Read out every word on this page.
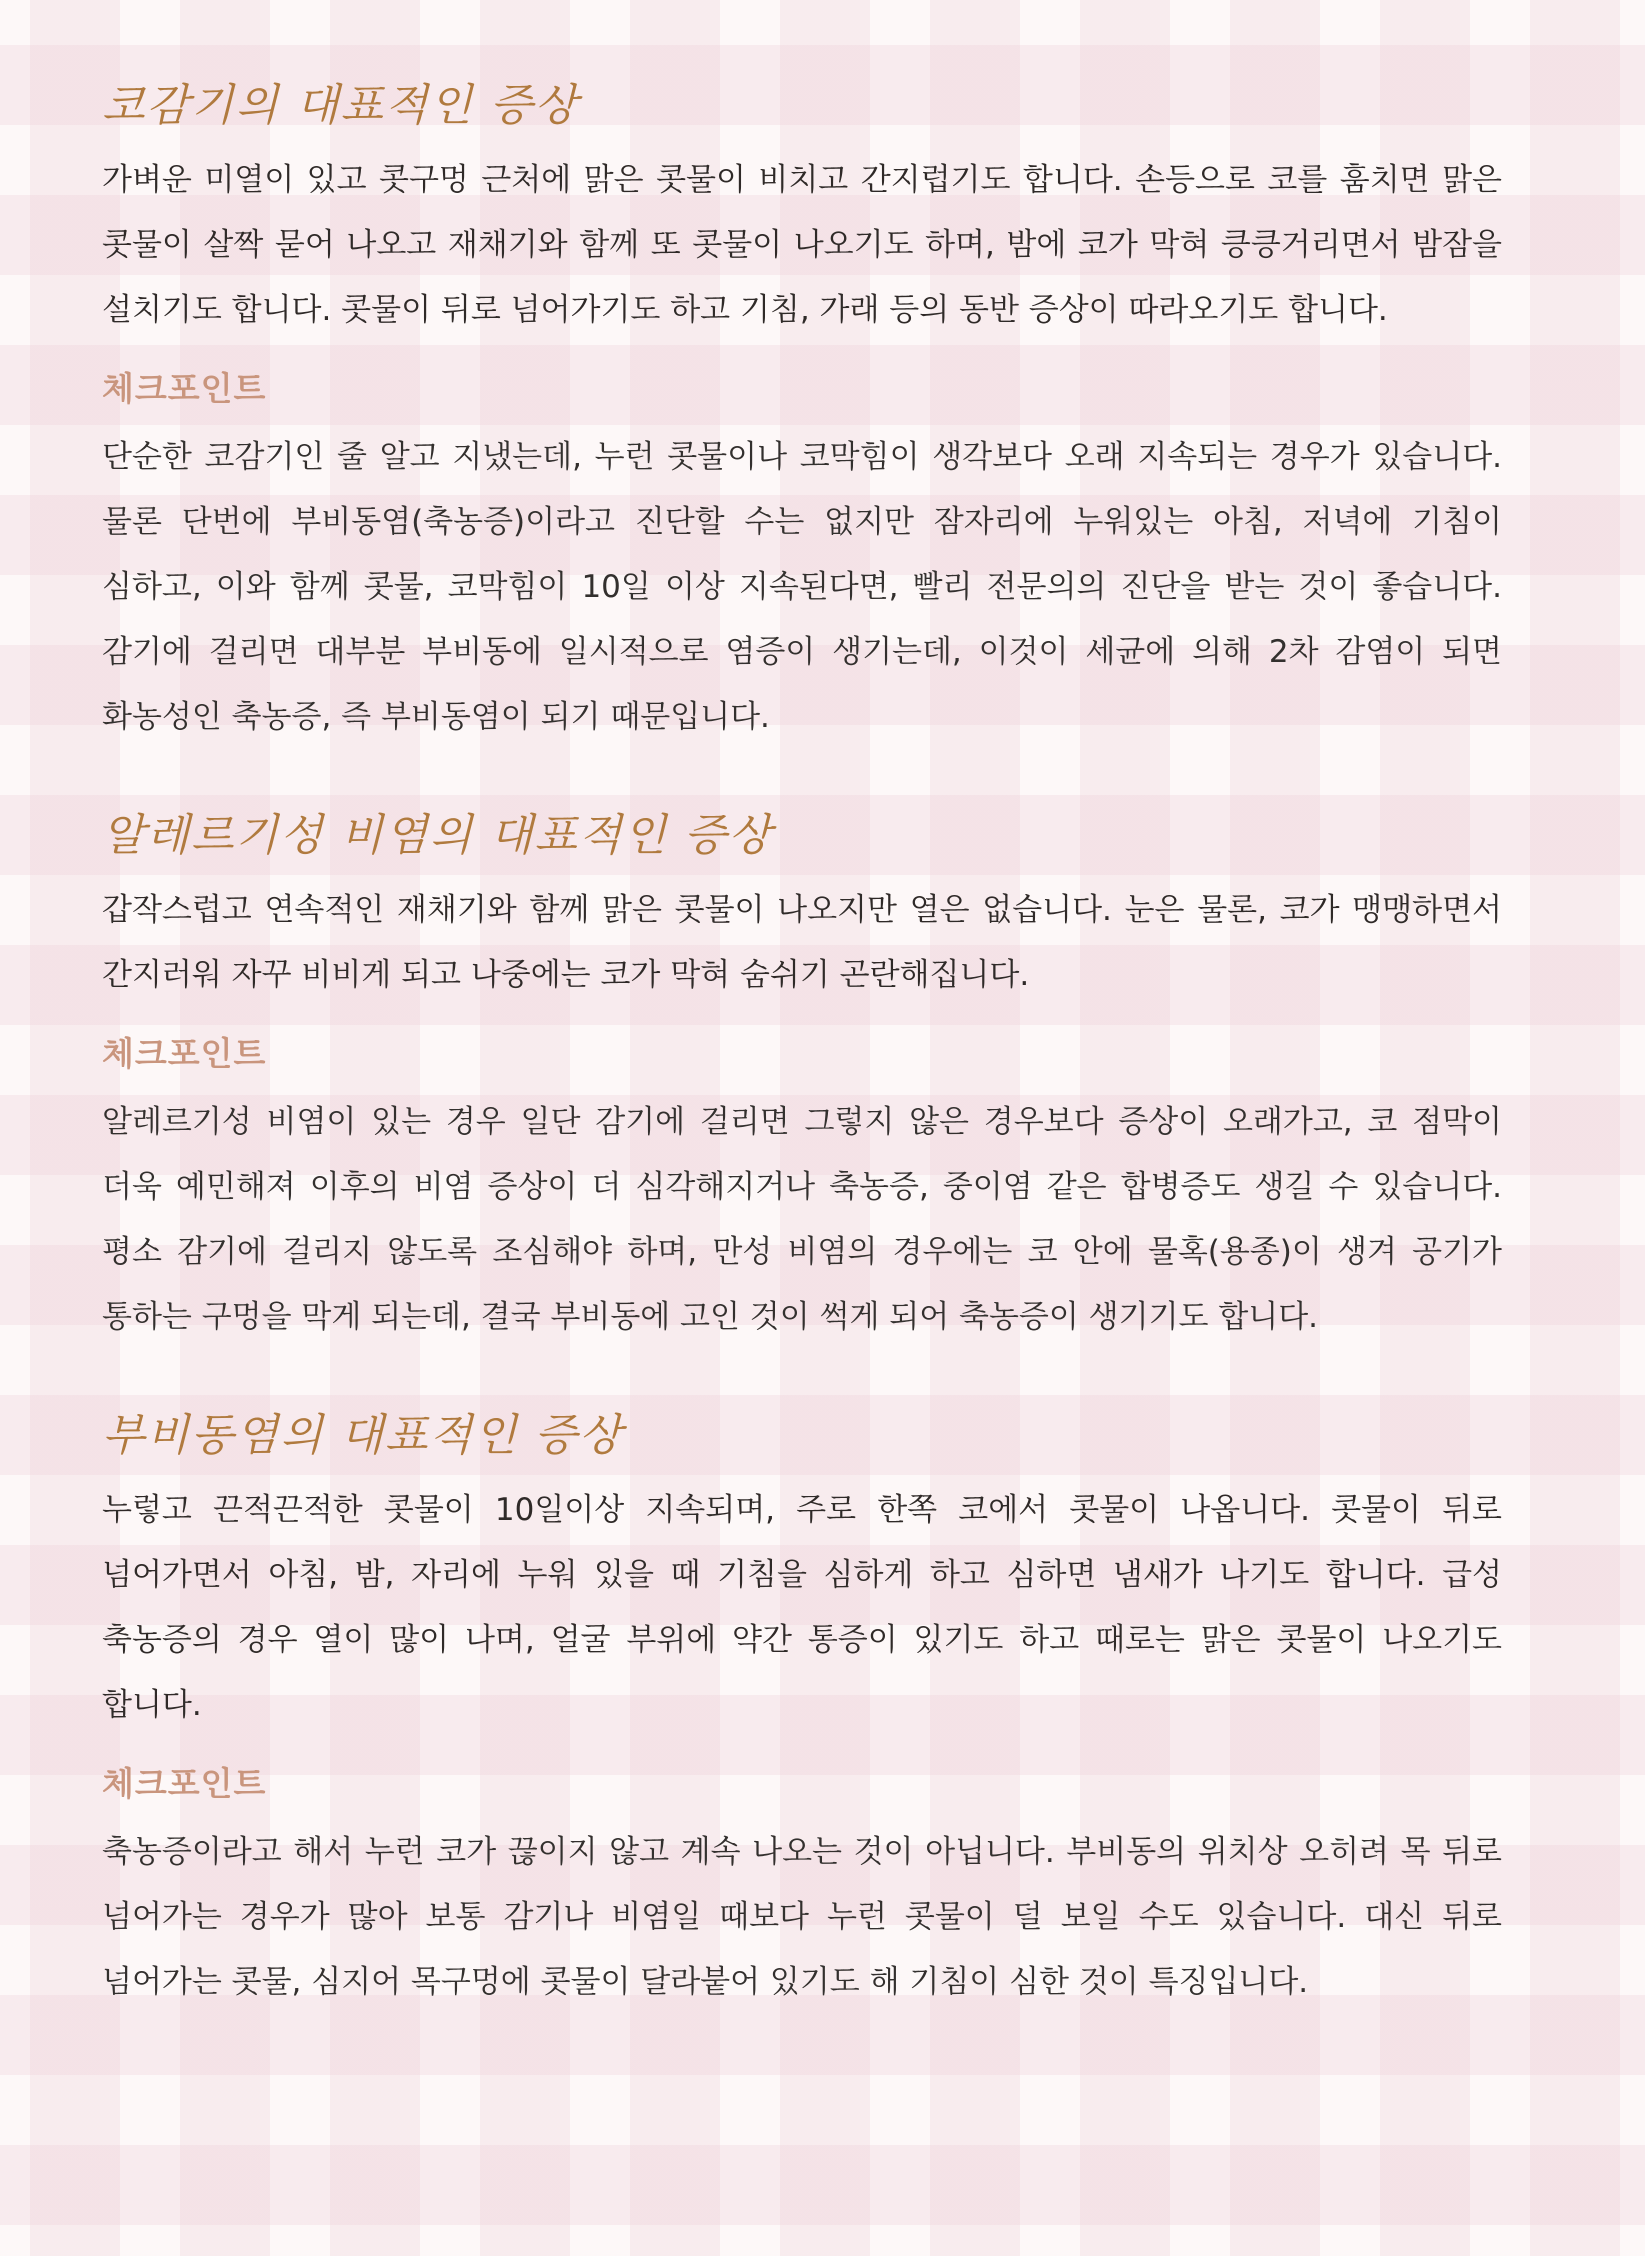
코감기의 대표적인 증상

가벼운 미열이 있고 콧구멍 근처에 맑은 콧물이 비치고 간지럽기도 합니다. 손등으로 코를 훔치면 맑은 콧물이 살짝 묻어 나오고 재채기와 함께 또 콧물이 나오기도 하며, 밤에 코가 막혀 킁킁거리면서 밤잠을 설치기도 합니다. 콧물이 뒤로 넘어가기도 하고 기침, 가래 등의 동반 증상이 따라오기도 합니다.

체크포인트

단순한 코감기인 줄 알고 지냈는데, 누런 콧물이나 코막힘이 생각보다 오래 지속되는 경우가 있습니다. 물론 단번에 부비동염(축농증)이라고 진단할 수는 없지만 잠자리에 누워있는 아침, 저녁에 기침이 심하고, 이와 함께 콧물, 코막힘이 10일 이상 지속된다면, 빨리 전문의의 진단을 받는 것이 좋습니다. 감기에 걸리면 대부분 부비동에 일시적으로 염증이 생기는데, 이것이 세균에 의해 2차 감염이 되면 화농성인 축농증, 즉 부비동염이 되기 때문입니다.

알레르기성 비염의 대표적인 증상

갑작스럽고 연속적인 재채기와 함께 맑은 콧물이 나오지만 열은 없습니다. 눈은 물론, 코가 맹맹하면서 간지러워 자꾸 비비게 되고 나중에는 코가 막혀 숨쉬기 곤란해집니다.

체크포인트

알레르기성 비염이 있는 경우 일단 감기에 걸리면 그렇지 않은 경우보다 증상이 오래가고, 코 점막이 더욱 예민해져 이후의 비염 증상이 더 심각해지거나 축농증, 중이염 같은 합병증도 생길 수 있습니다. 평소 감기에 걸리지 않도록 조심해야 하며, 만성 비염의 경우에는 코 안에 물혹(용종)이 생겨 공기가 통하는 구멍을 막게 되는데, 결국 부비동에 고인 것이 썩게 되어 축농증이 생기기도 합니다.

부비동염의 대표적인 증상

누렇고 끈적끈적한 콧물이 10일이상 지속되며, 주로 한쪽 코에서 콧물이 나옵니다. 콧물이 뒤로 넘어가면서 아침, 밤, 자리에 누워 있을 때 기침을 심하게 하고 심하면 냄새가 나기도 합니다. 급성 축농증의 경우 열이 많이 나며, 얼굴 부위에 약간 통증이 있기도 하고 때로는 맑은 콧물이 나오기도 합니다.

체크포인트

축농증이라고 해서 누런 코가 끊이지 않고 계속 나오는 것이 아닙니다. 부비동의 위치상 오히려 목 뒤로 넘어가는 경우가 많아 보통 감기나 비염일 때보다 누런 콧물이 덜 보일 수도 있습니다. 대신 뒤로 넘어가는 콧물, 심지어 목구멍에 콧물이 달라붙어 있기도 해 기침이 심한 것이 특징입니다.
